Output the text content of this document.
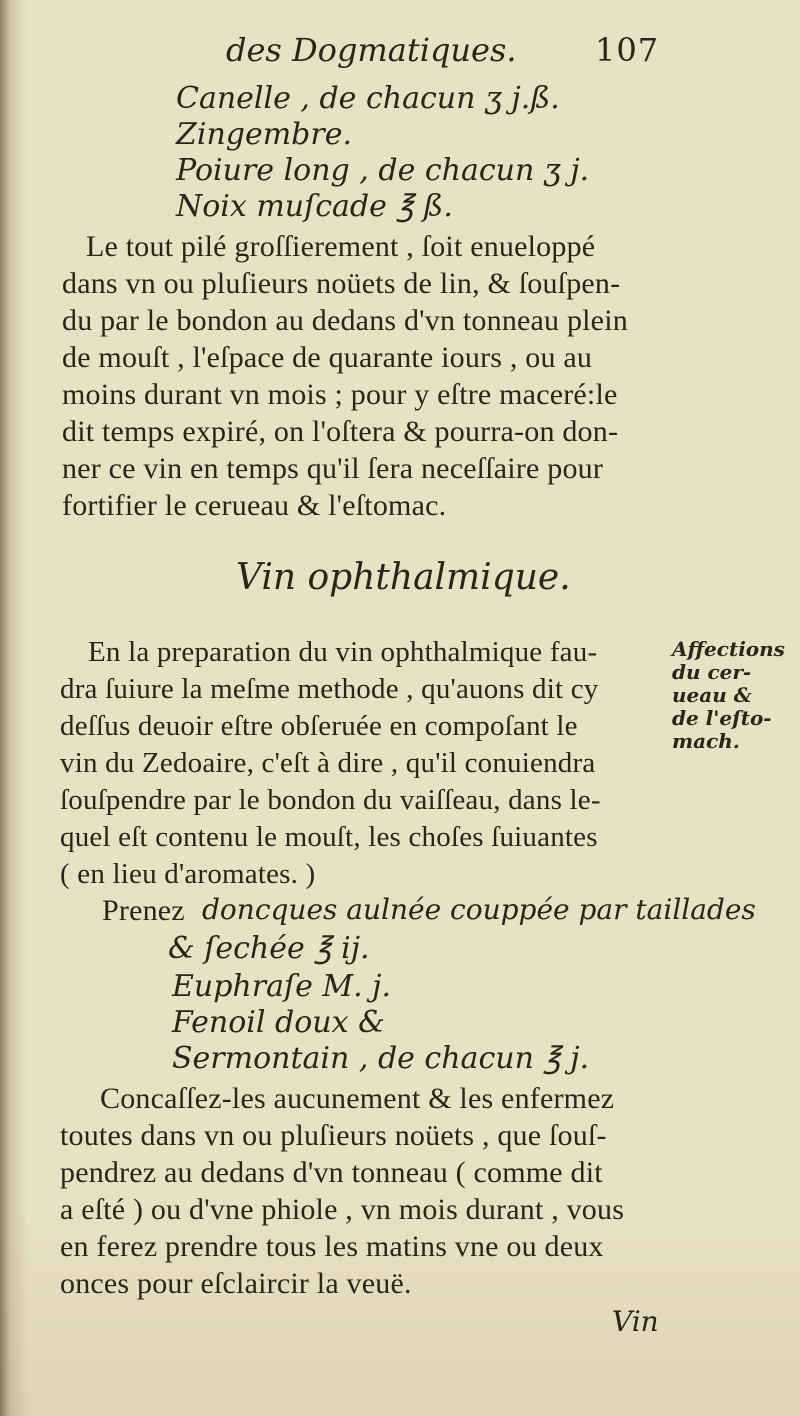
des Dogmatiques. 107
Canelle , de chacun ʒ j.ß.
Zingembre.
Poiure long , de chacun ʒ j.
Noix muſcade ℥ ß.
Le tout pilé groſſierement , ſoit enueloppé
dans vn ou pluſieurs noüets de lin, & ſouſpen-
du par le bondon au dedans d'vn tonneau plein
de mouſt , l'eſpace de quarante iours , ou au
moins durant vn mois ; pour y eſtre maceré:le
dit temps expiré, on l'oſtera & pourra-on don-
ner ce vin en temps qu'il ſera neceſſaire pour
fortifier le cerueau & l'eſtomac.
Vin ophthalmique.
Affections
du cer-
ueau &
de l'eſto-
mach.
En la preparation du vin ophthalmique fau-
dra ſuiure la meſme methode , qu'auons dit cy
deſſus deuoir eſtre obſeruée en compoſant le
vin du Zedoaire, c'eſt à dire , qu'il conuiendra
ſouſpendre par le bondon du vaiſſeau, dans le-
quel eſt contenu le mouſt, les choſes ſuiuantes
( en lieu d'aromates. )
Prenez doncques aulnée couppée par taillades
& ſechée ℥ ij.
Euphraſe M. j.
Fenoil doux &
Sermontain , de chacun ℥ j.
Concaſſez-les aucunement & les enfermez
toutes dans vn ou pluſieurs noüets , que ſouſ-
pendrez au dedans d'vn tonneau ( comme dit
a eſté ) ou d'vne phiole , vn mois durant , vous
en ferez prendre tous les matins vne ou deux
onces pour eſclaircir la veuë.
Vin
